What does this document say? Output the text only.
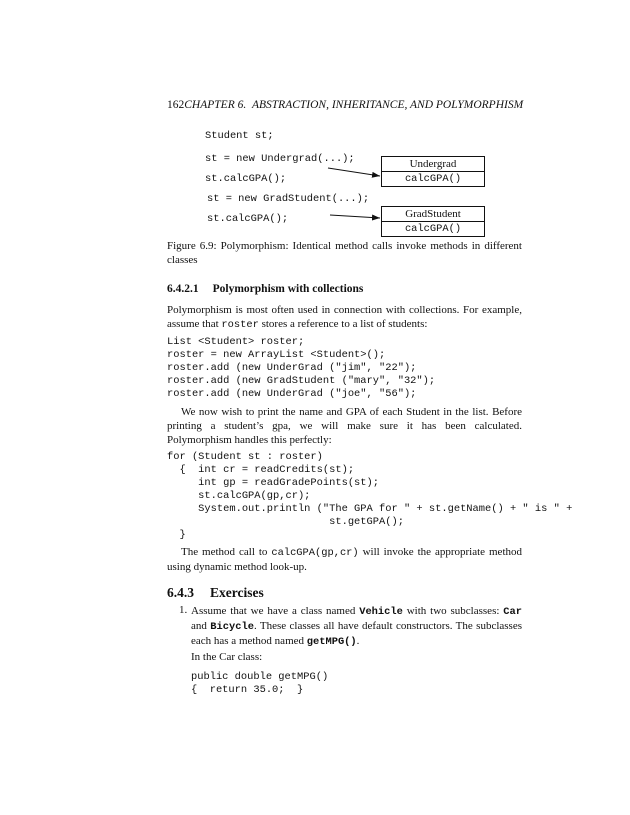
162CHAPTER 6. ABSTRACTION, INHERITANCE, AND POLYMORPHISM
Student st;
st = new Undergrad(...);
st.calcGPA();
st = new GradStudent(...);
st.calcGPA();
Undergrad
calcGPA()
GradStudent
calcGPA()
Figure 6.9: Polymorphism: Identical method calls invoke methods in different classes
6.4.2.1 Polymorphism with collections
Polymorphism is most often used in connection with collections. For example, assume that roster stores a reference to a list of students:
List <Student> roster;
roster = new ArrayList <Student>();
roster.add (new UnderGrad ("jim", "22");
roster.add (new GradStudent ("mary", "32");
roster.add (new UnderGrad ("joe", "56");
We now wish to print the name and GPA of each Student in the list. Before printing a student’s gpa, we will make sure it has been calculated. Polymorphism handles this perfectly:
for (Student st : roster)
{  int cr = readCredits(st);
int gp = readGradePoints(st);
st.calcGPA(gp,cr);
System.out.println ("The GPA for " + st.getName() + " is " +
st.getGPA();
}
The method call to calcGPA(gp,cr) will invoke the appropriate method using dynamic method look-up.
6.4.3 Exercises
1. Assume that we have a class named Vehicle with two subclasses: Car and Bicycle. These classes all have default constructors. The subclasses each has a method named getMPG().
In the Car class:
public double getMPG()
{  return 35.0;  }
